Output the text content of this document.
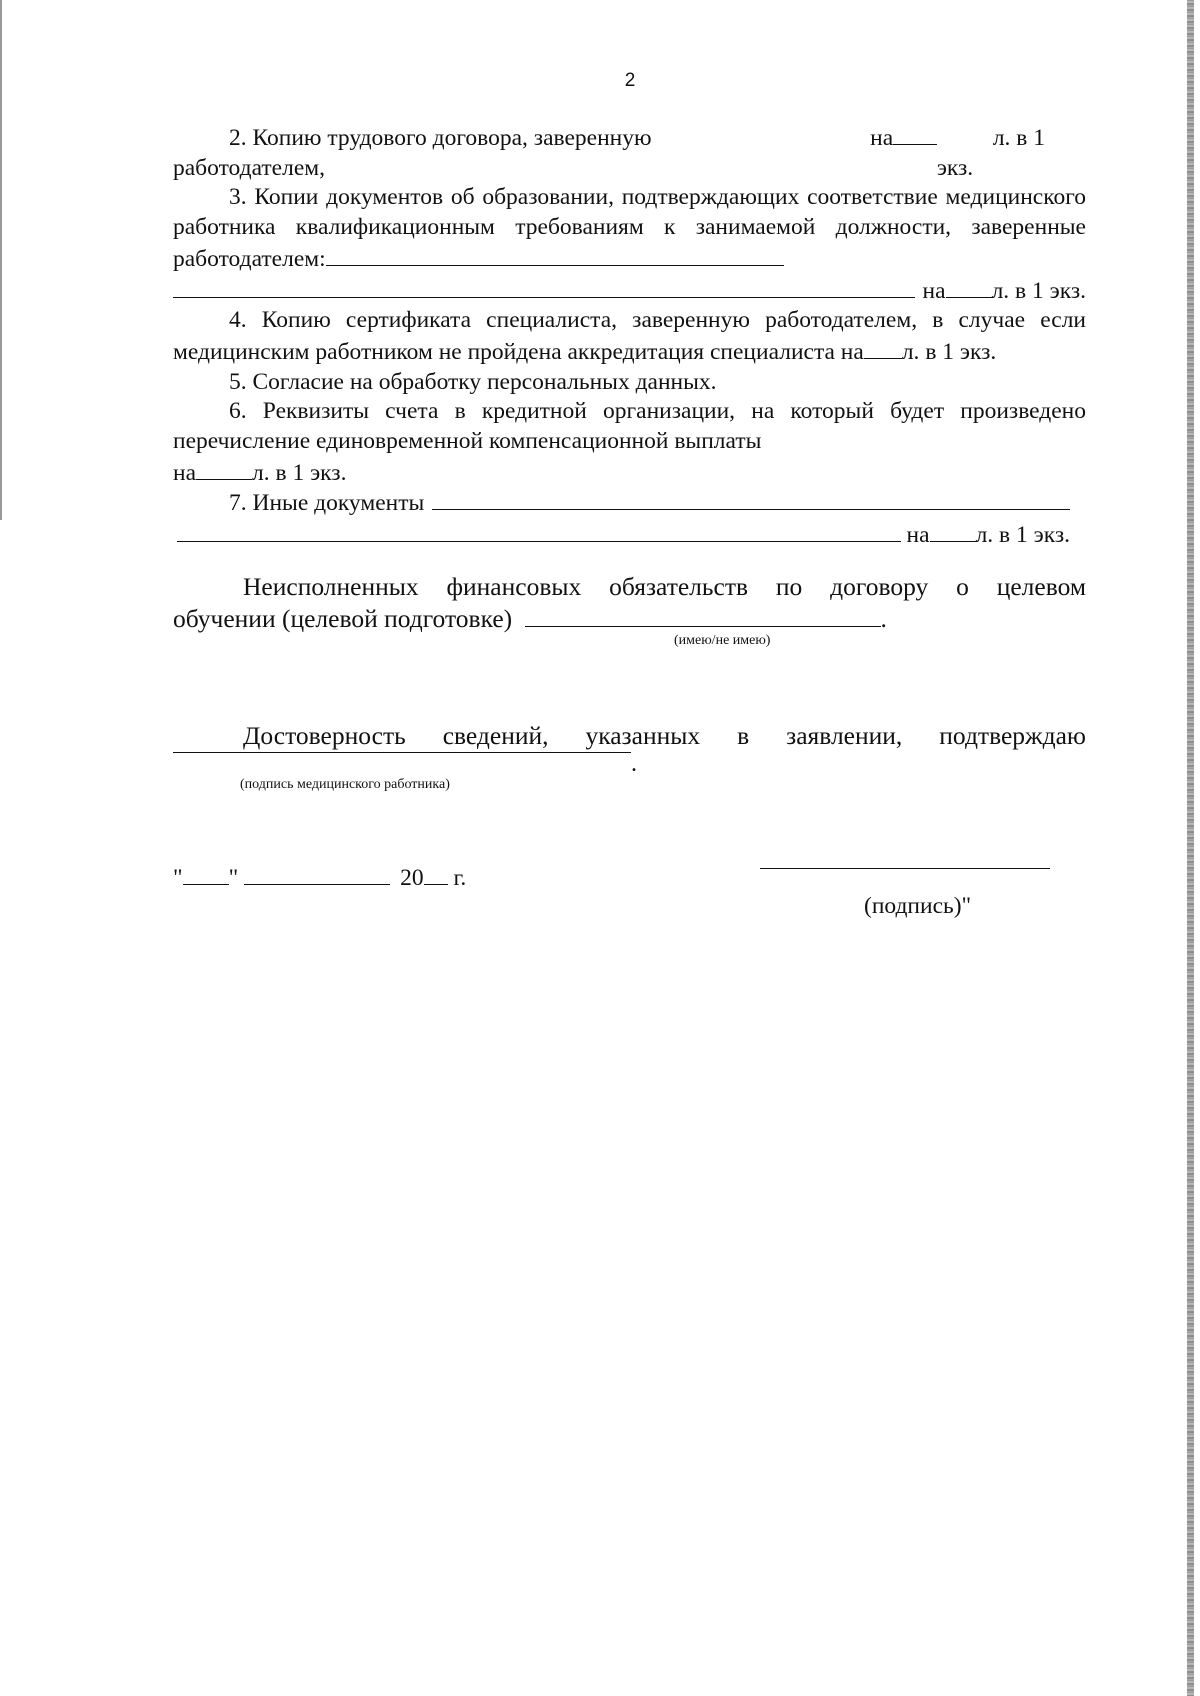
2

2. Копию трудового договора, заверенную работодателем,
на	л. в 1 экз.

3. Копии документов об образовании, подтверждающих соответствие медицинского работника квалификационным требованиям к занимаемой должности, заверенные работодателем:

на л. в 1 экз.

4. Копию сертификата специалиста, заверенную работодателем, в случае если медицинским работником не пройдена аккредитация специалиста на л. в 1 экз.

5. Согласие на обработку персональных данных.

6. Реквизиты счета в кредитной организации, на который будет произведено перечисление единовременной компенсационной выплаты

на л. в 1 экз.

7. Иные документы

на л. в 1 экз.

Неисполненных финансовых обязательств по договору о целевом

обучении (целевой подготовке)	.

(имею/не имею)

Достоверность сведений, указанных в заявлении, подтверждаю

.
(подпись медицинского работника)
" "	20 г.
(подпись)"
